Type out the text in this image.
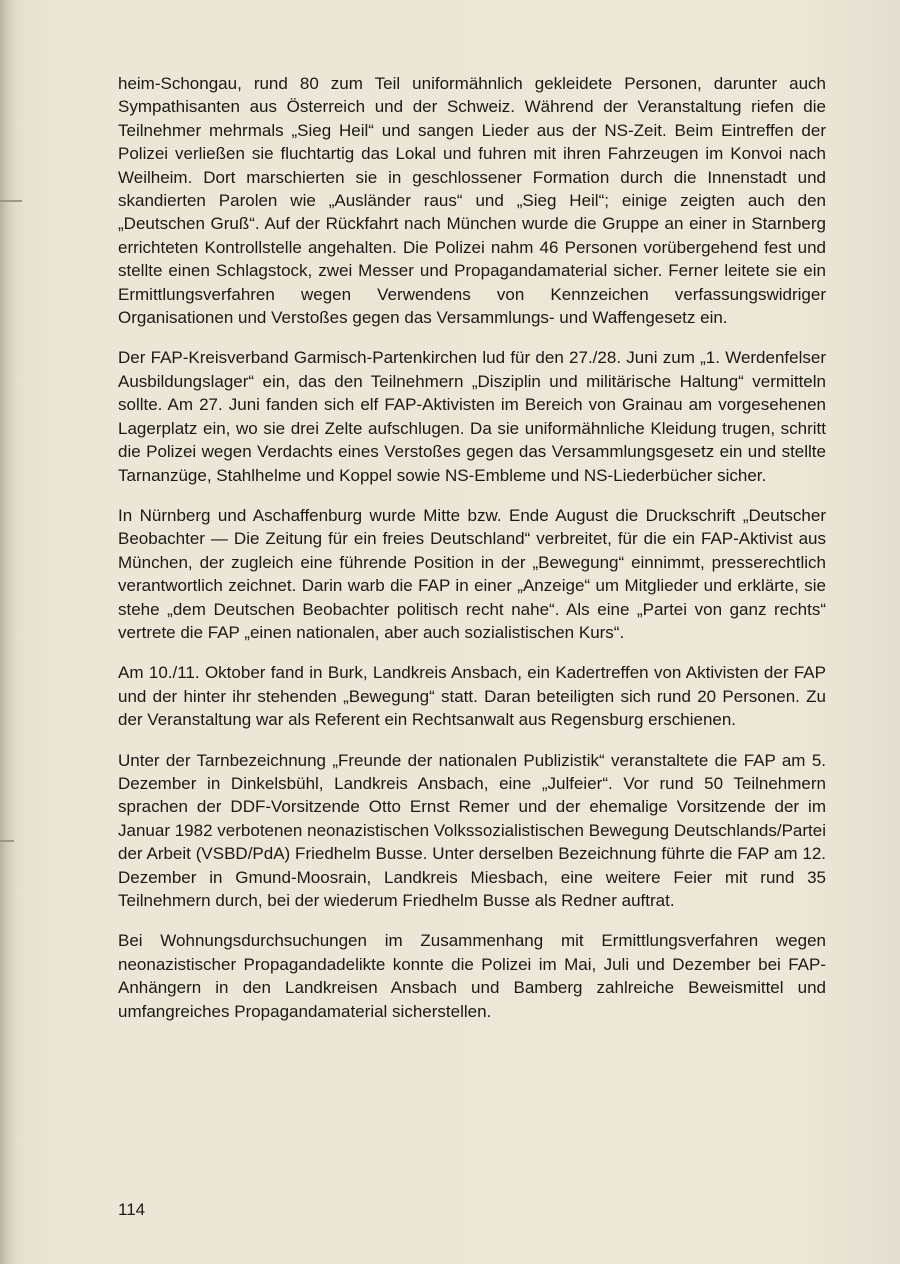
heim-Schongau, rund 80 zum Teil uniformähnlich gekleidete Personen, darunter auch Sympathisanten aus Österreich und der Schweiz. Während der Veranstaltung riefen die Teilnehmer mehrmals „Sieg Heil“ und sangen Lieder aus der NS-Zeit. Beim Eintreffen der Polizei verließen sie fluchtartig das Lokal und fuhren mit ihren Fahrzeugen im Konvoi nach Weilheim. Dort marschierten sie in geschlossener Formation durch die Innenstadt und skandierten Parolen wie „Ausländer raus“ und „Sieg Heil“; einige zeigten auch den „Deutschen Gruß“. Auf der Rückfahrt nach München wurde die Gruppe an einer in Starnberg errichteten Kontrollstelle angehalten. Die Polizei nahm 46 Personen vorübergehend fest und stellte einen Schlagstock, zwei Messer und Propagandamaterial sicher. Ferner leitete sie ein Ermittlungsverfahren wegen Verwendens von Kennzeichen verfassungswidriger Organisationen und Verstoßes gegen das Versammlungs- und Waffengesetz ein.

Der FAP-Kreisverband Garmisch-Partenkirchen lud für den 27./28. Juni zum „1. Werdenfelser Ausbildungslager“ ein, das den Teilnehmern „Disziplin und militärische Haltung“ vermitteln sollte. Am 27. Juni fanden sich elf FAP-Aktivisten im Bereich von Grainau am vorgesehenen Lagerplatz ein, wo sie drei Zelte aufschlugen. Da sie uniformähnliche Kleidung trugen, schritt die Polizei wegen Verdachts eines Verstoßes gegen das Versammlungsgesetz ein und stellte Tarnanzüge, Stahlhelme und Koppel sowie NS-Embleme und NS-Liederbücher sicher.

In Nürnberg und Aschaffenburg wurde Mitte bzw. Ende August die Druckschrift „Deutscher Beobachter — Die Zeitung für ein freies Deutschland“ verbreitet, für die ein FAP-Aktivist aus München, der zugleich eine führende Position in der „Bewegung“ einnimmt, presserechtlich verantwortlich zeichnet. Darin warb die FAP in einer „Anzeige“ um Mitglieder und erklärte, sie stehe „dem Deutschen Beobachter politisch recht nahe“. Als eine „Partei von ganz rechts“ vertrete die FAP „einen nationalen, aber auch sozialistischen Kurs“.

Am 10./11. Oktober fand in Burk, Landkreis Ansbach, ein Kadertreffen von Aktivisten der FAP und der hinter ihr stehenden „Bewegung“ statt. Daran beteiligten sich rund 20 Personen. Zu der Veranstaltung war als Referent ein Rechtsanwalt aus Regensburg erschienen.

Unter der Tarnbezeichnung „Freunde der nationalen Publizistik“ veranstaltete die FAP am 5. Dezember in Dinkelsbühl, Landkreis Ansbach, eine „Julfeier“. Vor rund 50 Teilnehmern sprachen der DDF-Vorsitzende Otto Ernst Remer und der ehemalige Vorsitzende der im Januar 1982 verbotenen neonazistischen Volkssozialistischen Bewegung Deutschlands/Partei der Arbeit (VSBD/PdA) Friedhelm Busse. Unter derselben Bezeichnung führte die FAP am 12. Dezember in Gmund-Moosrain, Landkreis Miesbach, eine weitere Feier mit rund 35 Teilnehmern durch, bei der wiederum Friedhelm Busse als Redner auftrat.

Bei Wohnungsdurchsuchungen im Zusammenhang mit Ermittlungsverfahren wegen neonazistischer Propagandadelikte konnte die Polizei im Mai, Juli und Dezember bei FAP-Anhängern in den Landkreisen Ansbach und Bamberg zahlreiche Beweismittel und umfangreiches Propagandamaterial sicherstellen.

114
